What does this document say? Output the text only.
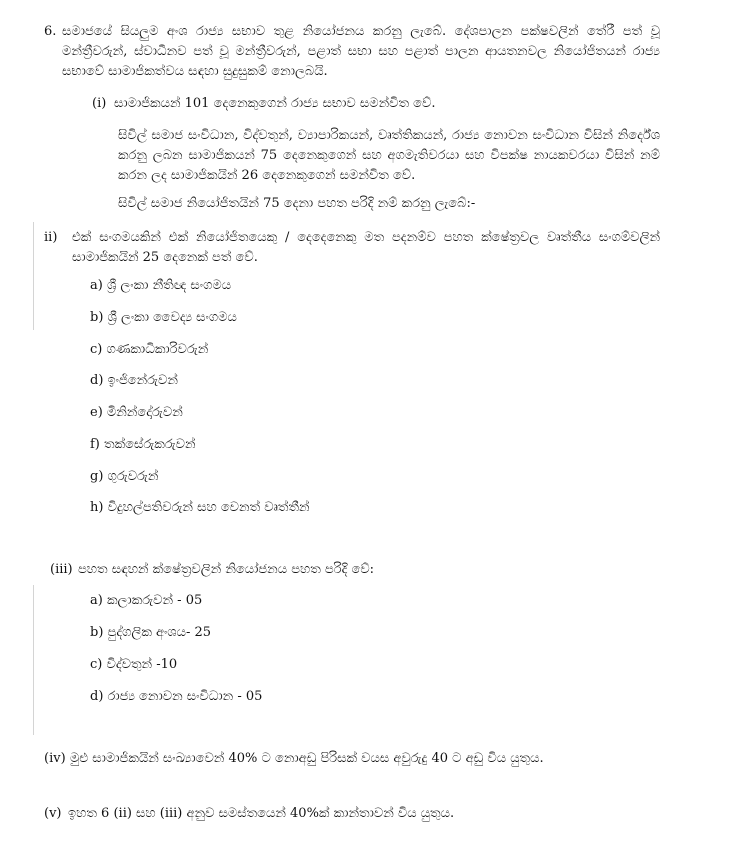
6. සමාජයේ සියලුම අංශ රාජ්‍ය සභාව තුළ නියෝජනය කරනු ලැබේ. දේශපාලන පක්ෂවලින් තේරී පත් වූ මන්ත්‍රීවරුන්, ස්වාධීනව පත් වූ මන්ත්‍රීවරුන්, පළාත් සභා සහ පළාත් පාලන ආයතනවල නියෝජිතයන් රාජ්‍ය සභාවේ සාමාජිකත්වය සඳහා සුදුසුකම් නොලබයි.

(i) සාමාජිකයන් 101 දෙනෙකුගෙන් රාජ්‍ය සභාව සමන්විත වේ.

සිවිල් සමාජ සංවිධාන, විද්වතුන්, ව්‍යාපාරිකයන්, වෘත්තිකයන්, රාජ්‍ය නොවන සංවිධාන විසින් නිර්දේශ කරනු ලබන සාමාජිකයන් 75 දෙනෙකුගෙන් සහ අගමැතිවරයා සහ විපක්ෂ නායකවරයා විසින් නම් කරන ලද සාමාජිකයින් 26 දෙනෙකුගෙන් සමන්විත වේ.

සිවිල් සමාජ නියෝජිතයින් 75 දෙනා පහත පරිදි නම් කරනු ලැබේ:-
ii) එක් සංගමයකින් එක් නියෝජිතයෙකු / දෙදෙනෙකු මත පදනම්ව පහත ක්ෂේත්‍රවල වෘත්තීය සංගම්වලින් සාමාජිකයින් 25 දෙනෙක් පත් වේ.

a) ශ්‍රී ලංකා නීතිඥ සංගමය
b) ශ්‍රී ලංකා වෛද්‍ය සංගමය
c) ගණකාධිකාරිවරුන්
d) ඉංජිනේරුවන්
e) මිනින්දෝරුවන්
f) තක්සේරුකරුවන්
g) ගුරුවරුන්
h) විදුහල්පතිවරුන් සහ වෙනත් වෘත්තීන්
(iii) පහත සඳහන් ක්ෂේත්‍රවලින් නියෝජනය පහත පරිදි වේ:
a) කලාකරුවන් - 05
b) පුද්ගලික අංශය- 25
c) විද්වතුන් -10
d) රාජ්‍ය නොවන සංවිධාන - 05
(iv) මුළු සාමාජිකයින් සංඛ්‍යාවෙන් 40% ට නොඅඩු පිරිසක් වයස අවුරුදු 40 ට අඩු විය යුතුය.
(v) ඉහත 6 (ii) සහ (iii) අනුව සමස්තයෙන් 40%ක් කාන්තාවන් විය යුතුය.
